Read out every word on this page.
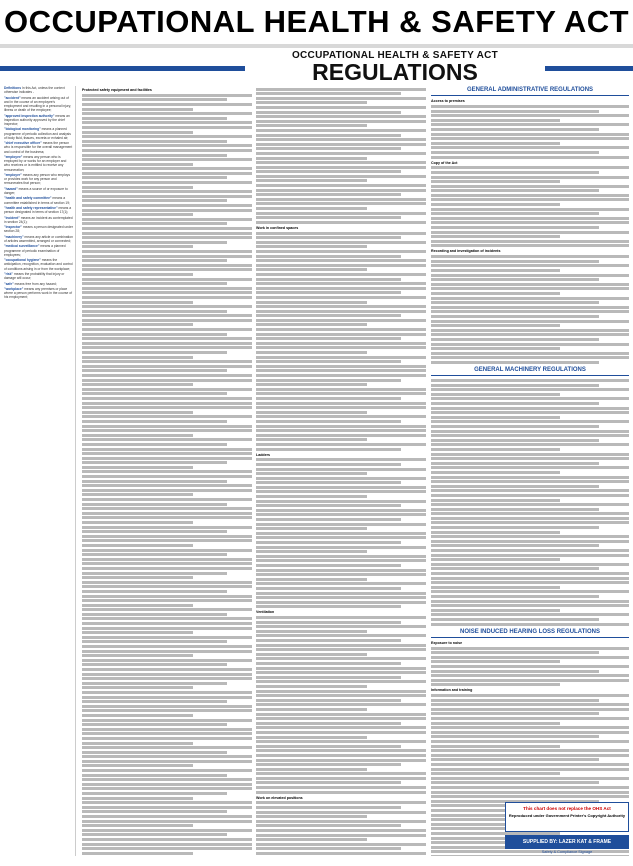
OCCUPATIONAL HEALTH & SAFETY ACT
OCCUPATIONAL HEALTH & SAFETY ACT
REGULATIONS

Definitions In this Act, unless the context otherwise indicates -

"accident" means an accident arising out of and in the course of an employee's employment and resulting in a personal injury, illness or death of the employee;

"approved inspection authority" means an inspection authority approved by the chief inspector;

"biological monitoring" means a planned programme of periodic collection and analysis of body fluid, tissues, excreta or exhaled air;

"chief executive officer" means the person who is responsible for the overall management and control of the business;

"employee" means any person who is employed by or works for an employer and who receives or is entitled to receive any remuneration;

"employer" means any person who employs or provides work for any person and remunerates that person;

"hazard" means a source of or exposure to danger;

"health and safety committee" means a committee established in terms of section 19;

"health and safety representative" means a person designated in terms of section 17(1);

"incident" means an incident as contemplated in section 24(1);

"inspector" means a person designated under section 28;

"machinery" means any article or combination of articles assembled, arranged or connected;

"medical surveillance" means a planned programme of periodic examination of employees;

"occupational hygiene" means the anticipation, recognition, evaluation and control of conditions arising in or from the workplace;

"risk" means the probability that injury or damage will occur;

"safe" means free from any hazard;

"workplace" means any premises or place where a person performs work in the course of his employment;

Protected safety equipment and facilities
Work in confined spaces
Ladders
Ventilation
Work on elevated positions
GENERAL ADMINISTRATIVE REGULATIONS
Access to premises
Copy of the Act
Recording and investigation of incidents
GENERAL MACHINERY REGULATIONS
NOISE INDUCED HEARING LOSS REGULATIONS
Exposure to noise
Information and training
This chart does not replace the OHS Act
Reproduced under Government Printer's Copyright Authority
SUPPLIED BY: LAZER KAT & FRAME
Safety & Compliance Signage
